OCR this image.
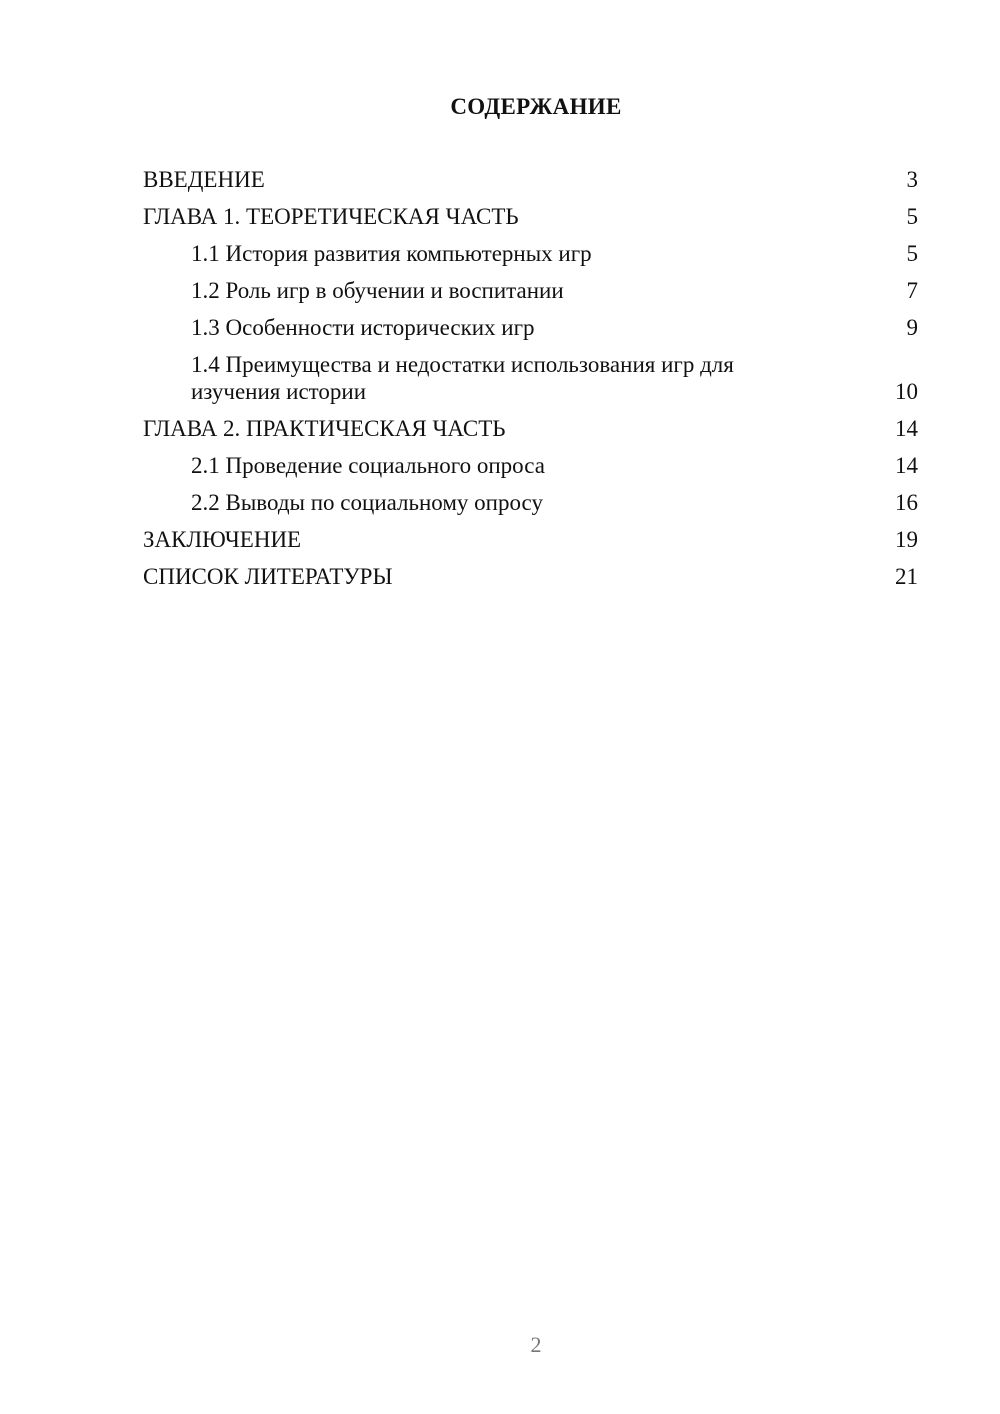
СОДЕРЖАНИЕ
ВВЕДЕНИЕ	3
ГЛАВА 1. ТЕОРЕТИЧЕСКАЯ ЧАСТЬ	5
1.1 История развития компьютерных игр	5
1.2 Роль игр в обучении и воспитании	7
1.3 Особенности исторических игр	9
1.4 Преимущества и недостатки использования игр для изучения истории	10
ГЛАВА 2. ПРАКТИЧЕСКАЯ ЧАСТЬ	14
2.1 Проведение социального опроса	14
2.2 Выводы по социальному опросу	16
ЗАКЛЮЧЕНИЕ	19
СПИСОК ЛИТЕРАТУРЫ	21
2
